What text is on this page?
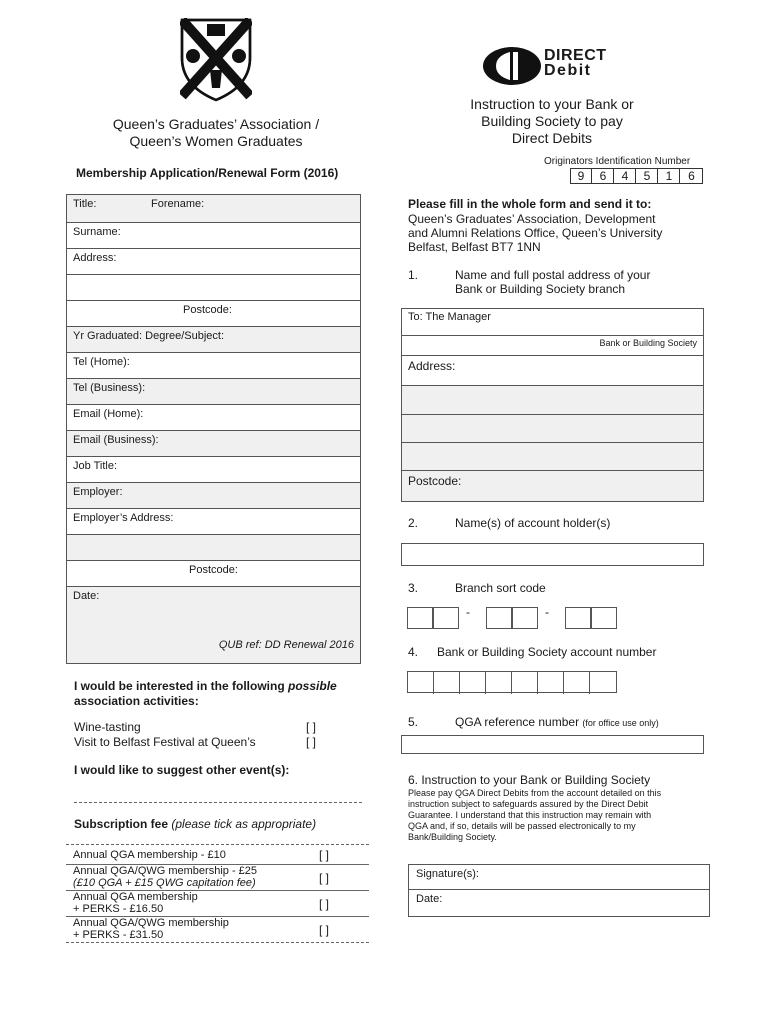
Queen’s Graduates’ Association /
Queen’s Women Graduates
Membership Application/Renewal Form (2016)
Title:	Forename:
Surname:
Address:
Postcode:
Yr Graduated: Degree/Subject:
Tel (Home):
Tel (Business):
Email (Home):
Email (Business):
Job Title:
Employer:
Employer’s Address:
Postcode:
Date:
QUB ref: DD Renewal 2016
I would be interested in the following possible
association activities:
Wine-tasting	[ ]
Visit to Belfast Festival at Queen’s	[ ]
I would like to suggest other event(s):
Subscription fee (please tick as appropriate)
Annual QGA membership - £10	[ ]
Annual QGA/QWG membership - £25
(£10 QGA + £15 QWG capitation fee)	[ ]
Annual QGA membership
+ PERKS - £16.50	[ ]
Annual QGA/QWG membership
+ PERKS - £31.50	[ ]
DIRECT
Debit
Instruction to your Bank or
Building Society to pay
Direct Debits
Originators Identification Number
9	6	4	5	1	6
Please fill in the whole form and send it to:
Queen’s Graduates’ Association, Development
and Alumni Relations Office, Queen’s University
Belfast, Belfast BT7 1NN
1.	Name and full postal address of your
Bank or Building Society branch
To: The Manager
Bank or Building Society
Address:
Postcode:
2.	Name(s) of account holder(s)
3.	Branch sort code
-	-
4. Bank or Building Society account number
5.	QGA reference number (for office use only)
6. Instruction to your Bank or Building Society
Please pay QGA Direct Debits from the account detailed on this
instruction subject to safeguards assured by the Direct Debit
Guarantee. I understand that this instruction may remain with
QGA and, if so, details will be passed electronically to my
Bank/Building Society.
Signature(s):
Date:
